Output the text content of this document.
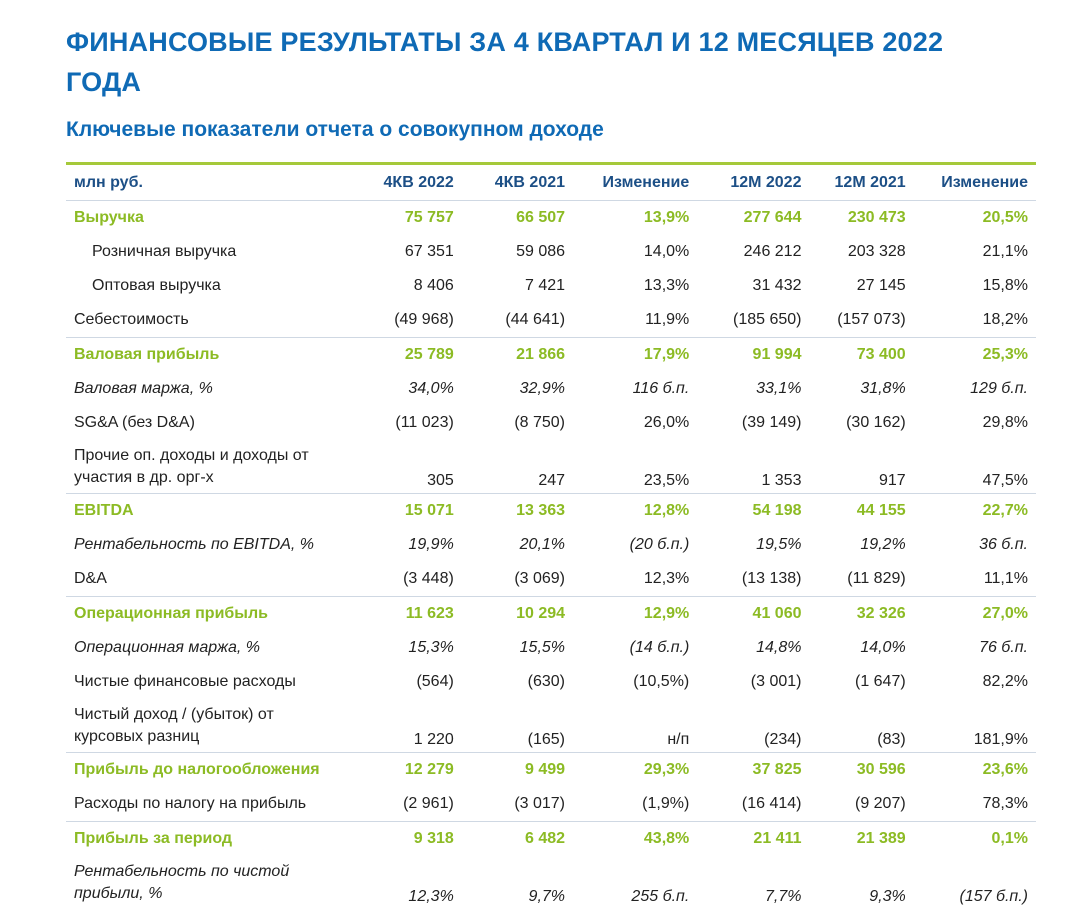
ФИНАНСОВЫЕ РЕЗУЛЬТАТЫ ЗА 4 КВАРТАЛ И 12 МЕСЯЦЕВ 2022 ГОДА
Ключевые показатели отчета о совокупном доходе
млн руб.	4КВ 2022	4КВ 2021	Изменение	12М 2022	12М 2021	Изменение
Выручка	75 757	66 507	13,9%	277 644	230 473	20,5%
Розничная выручка	67 351	59 086	14,0%	246 212	203 328	21,1%
Оптовая выручка	8 406	7 421	13,3%	31 432	27 145	15,8%
Себестоимость	(49 968)	(44 641)	11,9%	(185 650)	(157 073)	18,2%
Валовая прибыль	25 789	21 866	17,9%	91 994	73 400	25,3%
Валовая маржа, %	34,0%	32,9%	116 б.п.	33,1%	31,8%	129 б.п.
SG&A (без D&A)	(11 023)	(8 750)	26,0%	(39 149)	(30 162)	29,8%
Прочие оп. доходы и доходы от участия в др. орг-х	305	247	23,5%	1 353	917	47,5%
EBITDA	15 071	13 363	12,8%	54 198	44 155	22,7%
Рентабельность по EBITDA, %	19,9%	20,1%	(20 б.п.)	19,5%	19,2%	36 б.п.
D&A	(3 448)	(3 069)	12,3%	(13 138)	(11 829)	11,1%
Операционная прибыль	11 623	10 294	12,9%	41 060	32 326	27,0%
Операционная маржа, %	15,3%	15,5%	(14 б.п.)	14,8%	14,0%	76 б.п.
Чистые финансовые расходы	(564)	(630)	(10,5%)	(3 001)	(1 647)	82,2%
Чистый доход / (убыток) от курсовых разниц	1 220	(165)	н/п	(234)	(83)	181,9%
Прибыль до налогообложения	12 279	9 499	29,3%	37 825	30 596	23,6%
Расходы по налогу на прибыль	(2 961)	(3 017)	(1,9%)	(16 414)	(9 207)	78,3%
Прибыль за период	9 318	6 482	43,8%	21 411	21 389	0,1%
Рентабельность по чистой прибыли, %	12,3%	9,7%	255 б.п.	7,7%	9,3%	(157 б.п.)
